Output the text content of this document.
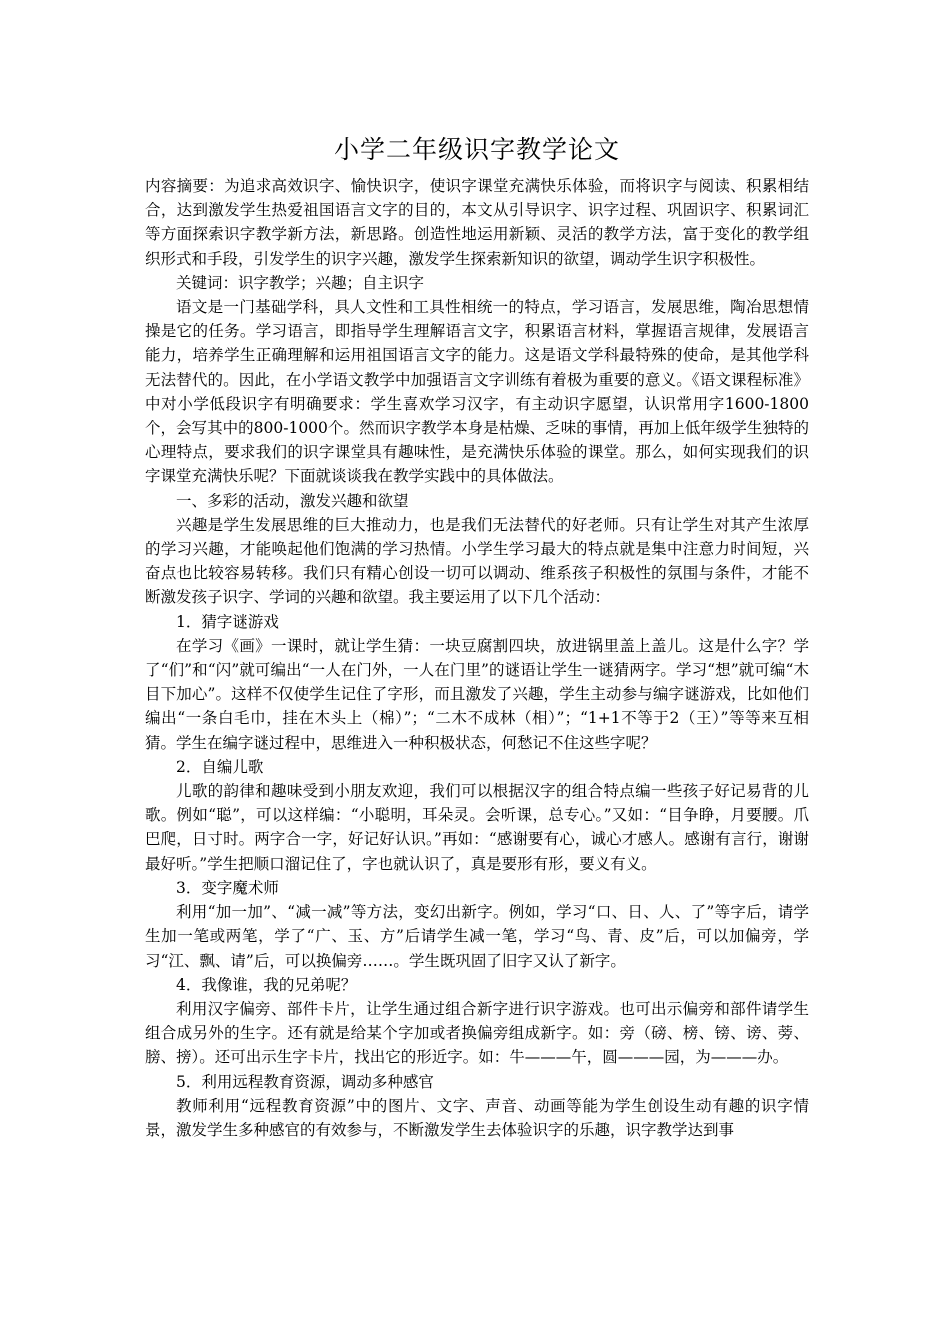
小学二年级识字教学论文

内容摘要：为追求高效识字、愉快识字，使识字课堂充满快乐体验，而将识字与阅读、积累相结合，达到激发学生热爱祖国语言文字的目的，本文从引导识字、识字过程、巩固识字、积累词汇等方面探索识字教学新方法，新思路。创造性地运用新颖、灵活的教学方法，富于变化的教学组织形式和手段，引发学生的识字兴趣，激发学生探索新知识的欲望，调动学生识字积极性。

关键词：识字教学；兴趣；自主识字

语文是一门基础学科，具人文性和工具性相统一的特点，学习语言，发展思维，陶冶思想情操是它的任务。学习语言，即指导学生理解语言文字，积累语言材料，掌握语言规律，发展语言能力，培养学生正确理解和运用祖国语言文字的能力。这是语文学科最特殊的使命，是其他学科无法替代的。因此，在小学语文教学中加强语言文字训练有着极为重要的意义。《语文课程标准》中对小学低段识字有明确要求：学生喜欢学习汉字，有主动识字愿望，认识常用字1600-1800个，会写其中的800-1000个。然而识字教学本身是枯燥、乏味的事情，再加上低年级学生独特的心理特点，要求我们的识字课堂具有趣味性，是充满快乐体验的课堂。那么，如何实现我们的识字课堂充满快乐呢？下面就谈谈我在教学实践中的具体做法。

一、多彩的活动，激发兴趣和欲望

兴趣是学生发展思维的巨大推动力，也是我们无法替代的好老师。只有让学生对其产生浓厚的学习兴趣，才能唤起他们饱满的学习热情。小学生学习最大的特点就是集中注意力时间短，兴奋点也比较容易转移。我们只有精心创设一切可以调动、维系孩子积极性的氛围与条件，才能不断激发孩子识字、学词的兴趣和欲望。我主要运用了以下几个活动：

1．猜字谜游戏

在学习《画》一课时，就让学生猜：一块豆腐割四块，放进锅里盖上盖儿。这是什么字？学了“们”和“闪”就可编出“一人在门外，一人在门里”的谜语让学生一谜猜两字。学习“想”就可编“木目下加心”。这样不仅使学生记住了字形，而且激发了兴趣，学生主动参与编字谜游戏，比如他们编出“一条白毛巾，挂在木头上（棉）”；“二木不成林（相）”；“1+1不等于2（王）”等等来互相猜。学生在编字谜过程中，思维进入一种积极状态，何愁记不住这些字呢？

2．自编儿歌

儿歌的韵律和趣味受到小朋友欢迎，我们可以根据汉字的组合特点编一些孩子好记易背的儿歌。例如“聪”，可以这样编：“小聪明，耳朵灵。会听课，总专心。”又如：“目争睁，月要腰。爪巴爬，日寸时。两字合一字，好记好认识。”再如：“感谢要有心，诚心才感人。感谢有言行，谢谢最好听。”学生把顺口溜记住了，字也就认识了，真是要形有形，要义有义。

3．变字魔术师

利用“加一加”、“减一减”等方法，变幻出新字。例如，学习“口、日、人、了”等字后，请学生加一笔或两笔，学了“广、玉、方”后请学生减一笔，学习“鸟、青、皮”后，可以加偏旁，学习“江、飘、请”后，可以换偏旁……。学生既巩固了旧字又认了新字。

4．我像谁，我的兄弟呢？

利用汉字偏旁、部件卡片，让学生通过组合新字进行识字游戏。也可出示偏旁和部件请学生组合成另外的生字。还有就是给某个字加或者换偏旁组成新字。如：旁（磅、榜、镑、谤、蒡、膀、搒）。还可出示生字卡片，找出它的形近字。如：牛———午，圆———园，为———办。

5．利用远程教育资源，调动多种感官

教师利用“远程教育资源”中的图片、文字、声音、动画等能为学生创设生动有趣的识字情景，激发学生多种感官的有效参与，不断激发学生去体验识字的乐趣，识字教学达到事
